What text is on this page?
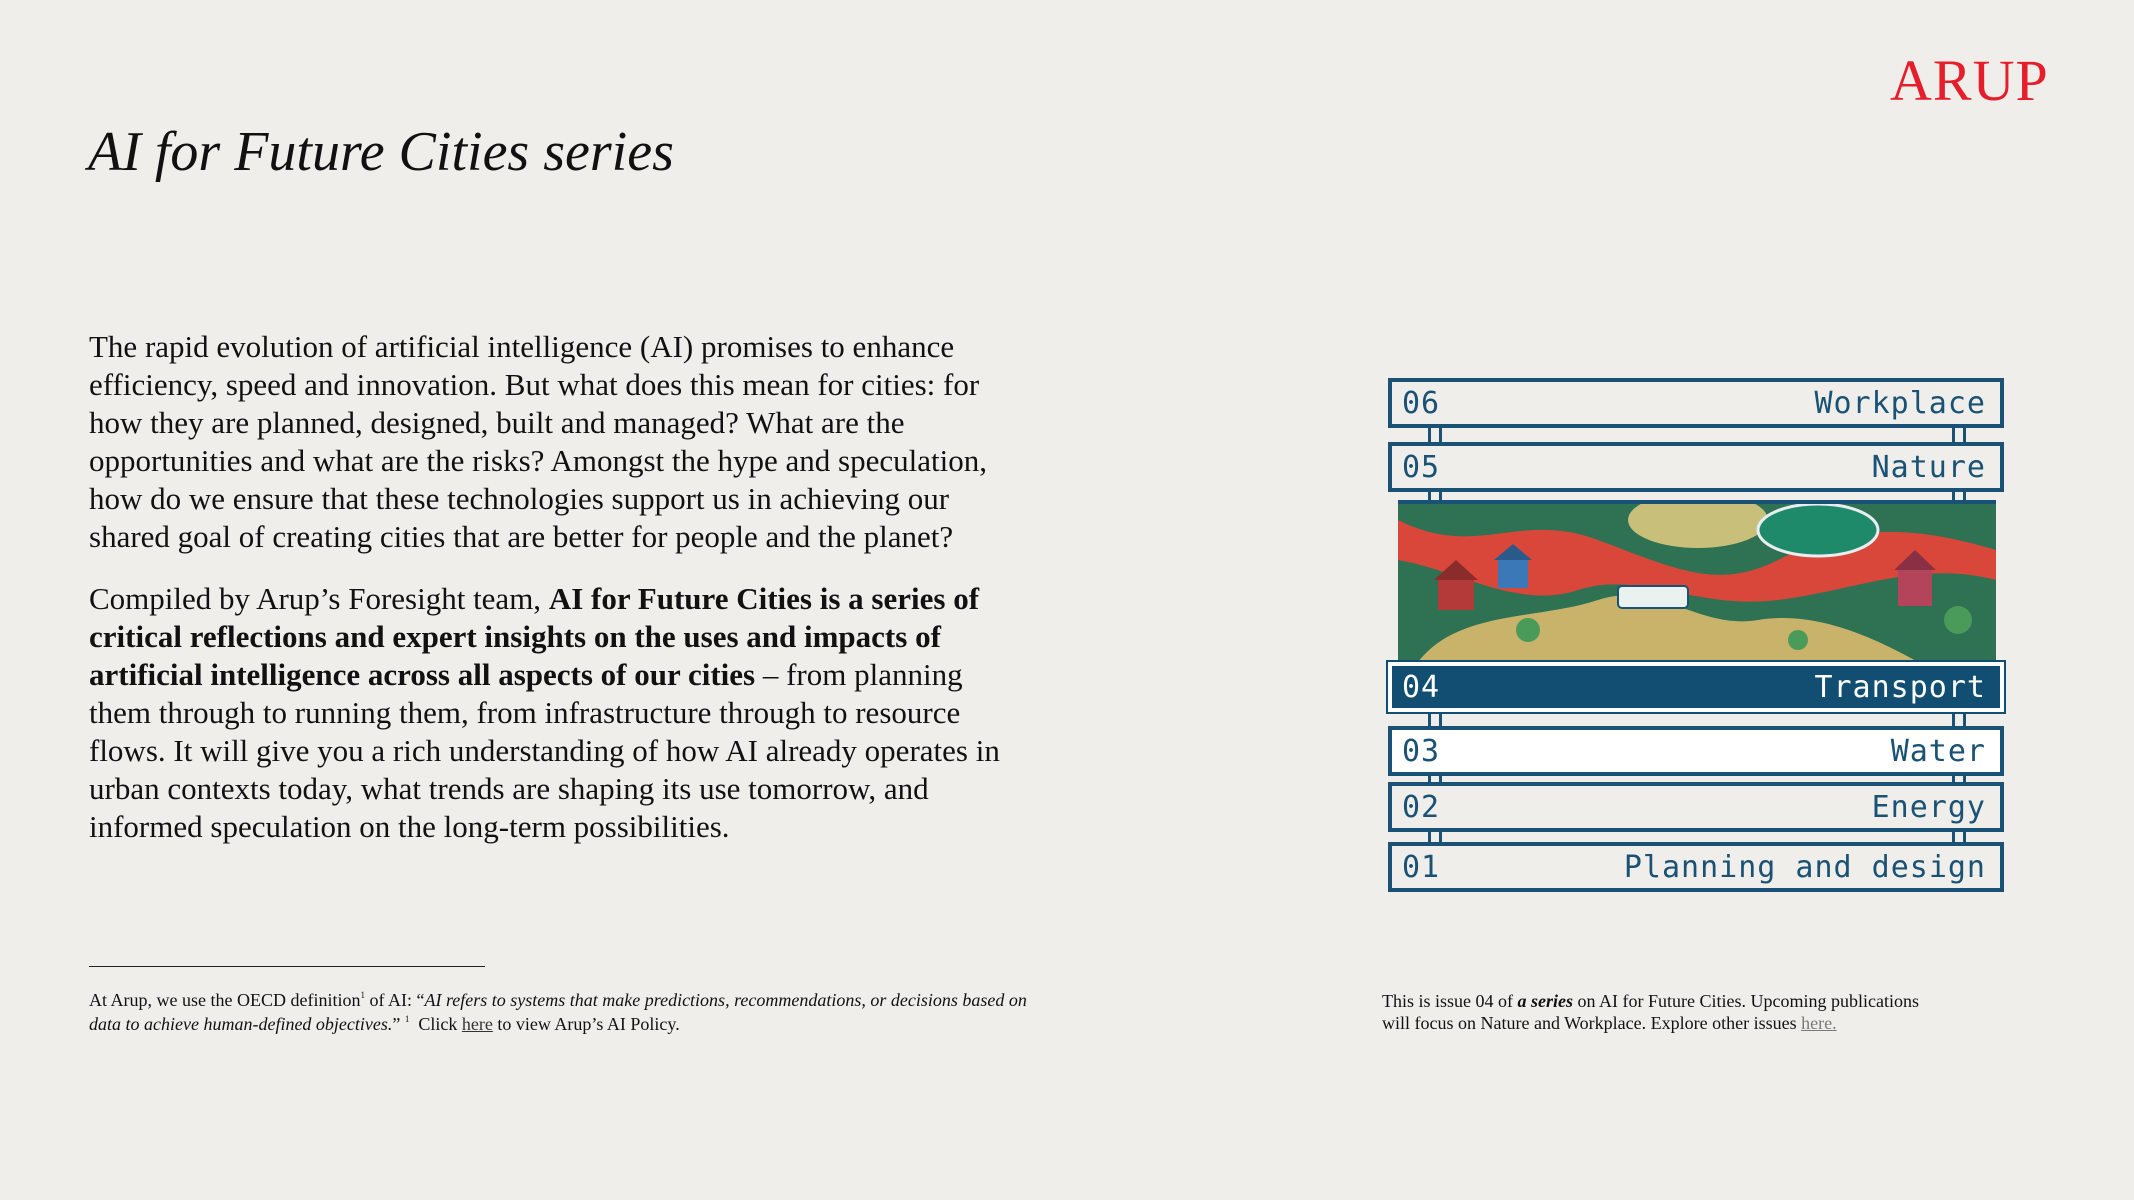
ARUP
AI for Future Cities series

The rapid evolution of artificial intelligence (AI) promises to enhance efficiency, speed and innovation. But what does this mean for cities: for how they are planned, designed, built and managed? What are the opportunities and what are the risks? Amongst the hype and speculation, how do we ensure that these technologies support us in achieving our shared goal of creating cities that are better for people and the planet?

Compiled by Arup’s Foresight team, AI for Future Cities is a series of critical reflections and expert insights on the uses and impacts of artificial intelligence across all aspects of our cities – from planning them through to running them, from infrastructure through to resource flows. It will give you a rich understanding of how AI already operates in urban contexts today, what trends are shaping its use tomorrow, and informed speculation on the long-term possibilities.

At Arup, we use the OECD definition$^1$ of AI: “AI refers to systems that make predictions, recommendations, or decisions based on data to achieve human-defined objectives.” $^1$ Click here to view Arup’s AI Policy.
06	Workplace
05	Nature
04	Transport
03	Water
02	Energy
01	Planning and design
This is issue 04 of a series on AI for Future Cities. Upcoming publications will focus on Nature and Workplace. Explore other issues here.
